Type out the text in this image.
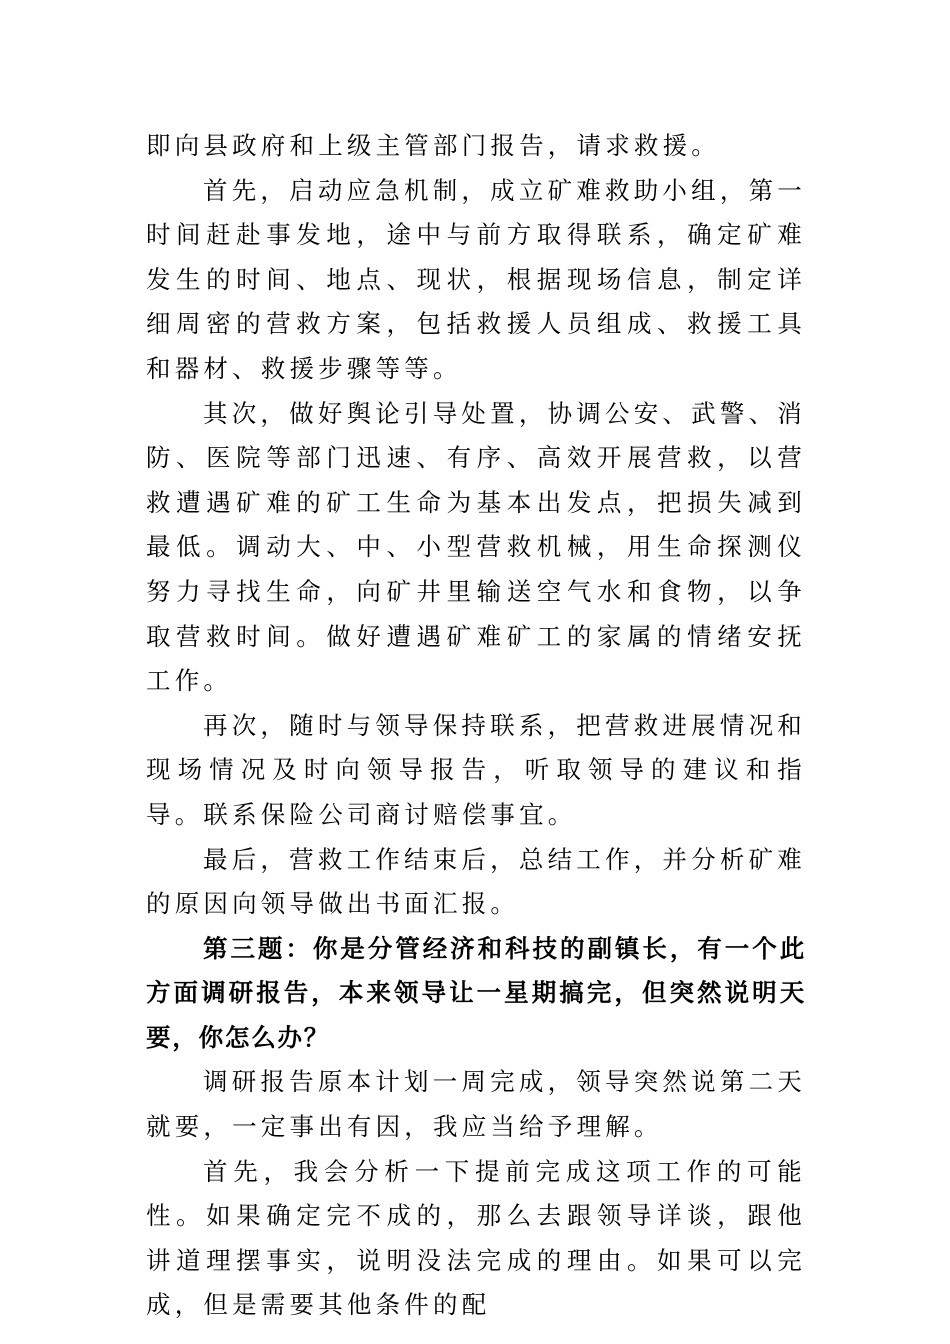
即向县政府和上级主管部门报告，请求救援。

首先，启动应急机制，成立矿难救助小组，第一时间赶赴事发地，途中与前方取得联系，确定矿难发生的时间、地点、现状，根据现场信息，制定详细周密的营救方案，包括救援人员组成、救援工具和器材、救援步骤等等。

其次，做好舆论引导处置，协调公安、武警、消防、医院等部门迅速、有序、高效开展营救，以营救遭遇矿难的矿工生命为基本出发点，把损失减到最低。调动大、中、小型营救机械，用生命探测仪努力寻找生命，向矿井里输送空气水和食物，以争取营救时间。做好遭遇矿难矿工的家属的情绪安抚工作。

再次，随时与领导保持联系，把营救进展情况和现场情况及时向领导报告，听取领导的建议和指导。联系保险公司商讨赔偿事宜。

最后，营救工作结束后，总结工作，并分析矿难的原因向领导做出书面汇报。

第三题：你是分管经济和科技的副镇长，有一个此方面调研报告，本来领导让一星期搞完，但突然说明天要，你怎么办？

调研报告原本计划一周完成，领导突然说第二天就要，一定事出有因，我应当给予理解。

首先，我会分析一下提前完成这项工作的可能性。如果确定完不成的，那么去跟领导详谈，跟他讲道理摆事实，说明没法完成的理由。如果可以完成，但是需要其他条件的配
